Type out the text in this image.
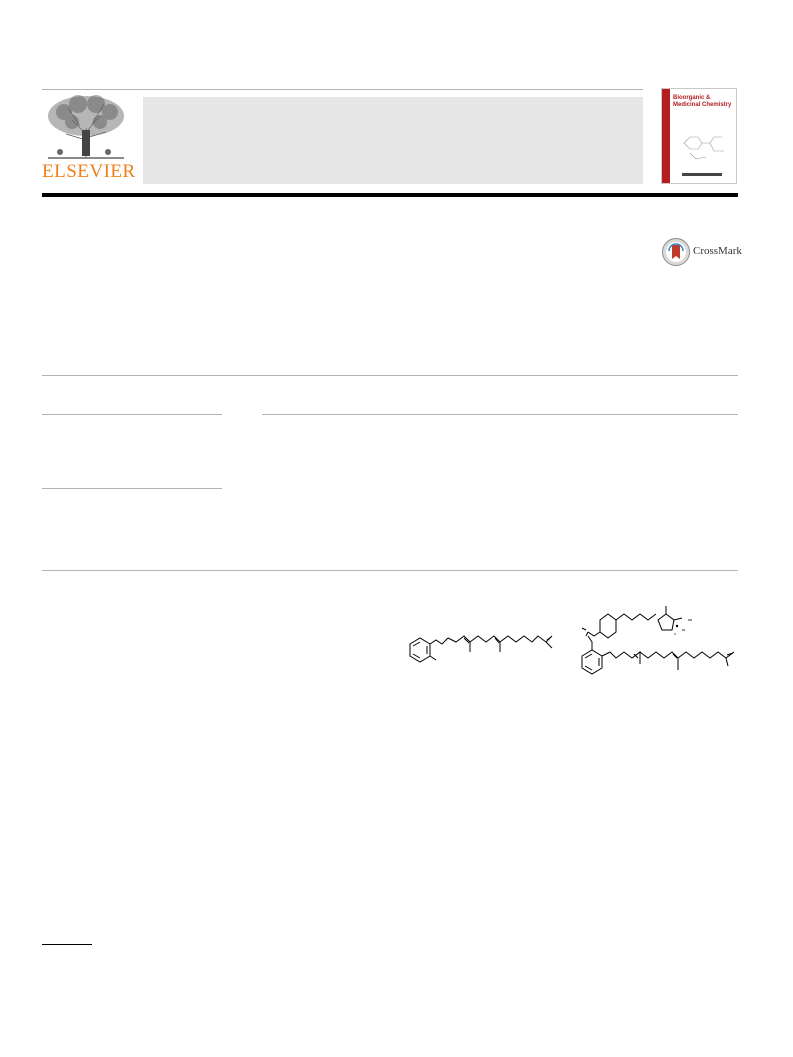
ELSEVIER
Bioorganic & Medicinal Chemistry
CrossMark
